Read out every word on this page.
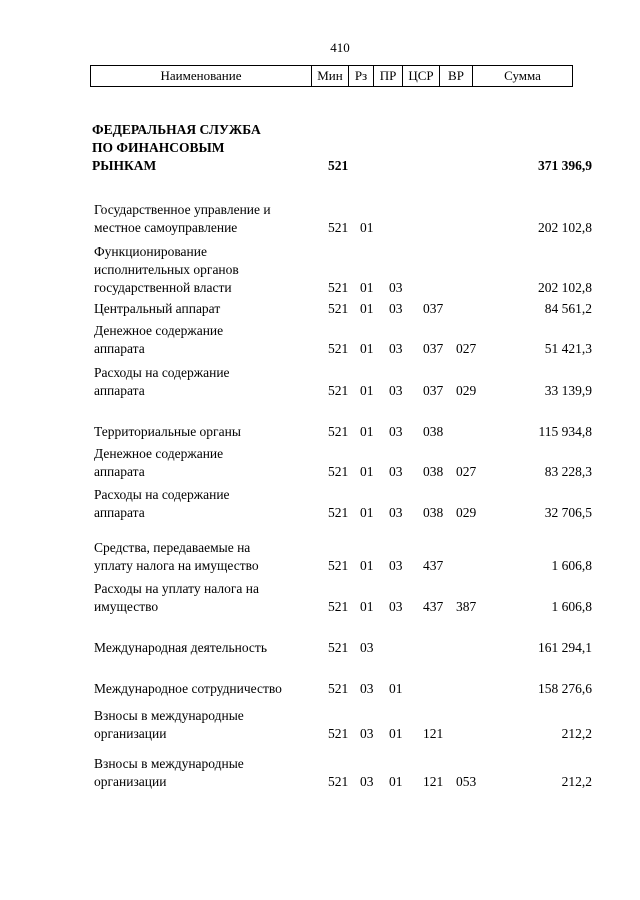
410
Наименование	Мин	Рз	ПР	ЦСР	ВР	Сумма
ФЕДЕРАЛЬНАЯ СЛУЖБА
ПО ФИНАНСОВЫМ
РЫНКАМ	521	371 396,9
Государственное управление и
местное самоуправление	521 01	202 102,8
Функционирование
исполнительных органов
государственной власти	521 01 03	202 102,8
Центральный аппарат	521 01 03 037	84 561,2
Денежное содержание
аппарата	521 01 03 037 027	51 421,3
Расходы на содержание
аппарата	521 01 03 037 029	33 139,9
Территориальные органы	521 01 03 038	115 934,8
Денежное содержание
аппарата	521 01 03 038 027	83 228,3
Расходы на содержание
аппарата	521 01 03 038 029	32 706,5
Средства, передаваемые на
уплату налога на имущество	521 01 03 437	1 606,8
Расходы на уплату налога на
имущество	521 01 03 437 387	1 606,8
Международная деятельность	521 03	161 294,1
Международное сотрудничество	521 03 01	158 276,6
Взносы в международные
организации	521 03 01 121	212,2
Взносы в международные
организации	521 03 01 121 053	212,2
